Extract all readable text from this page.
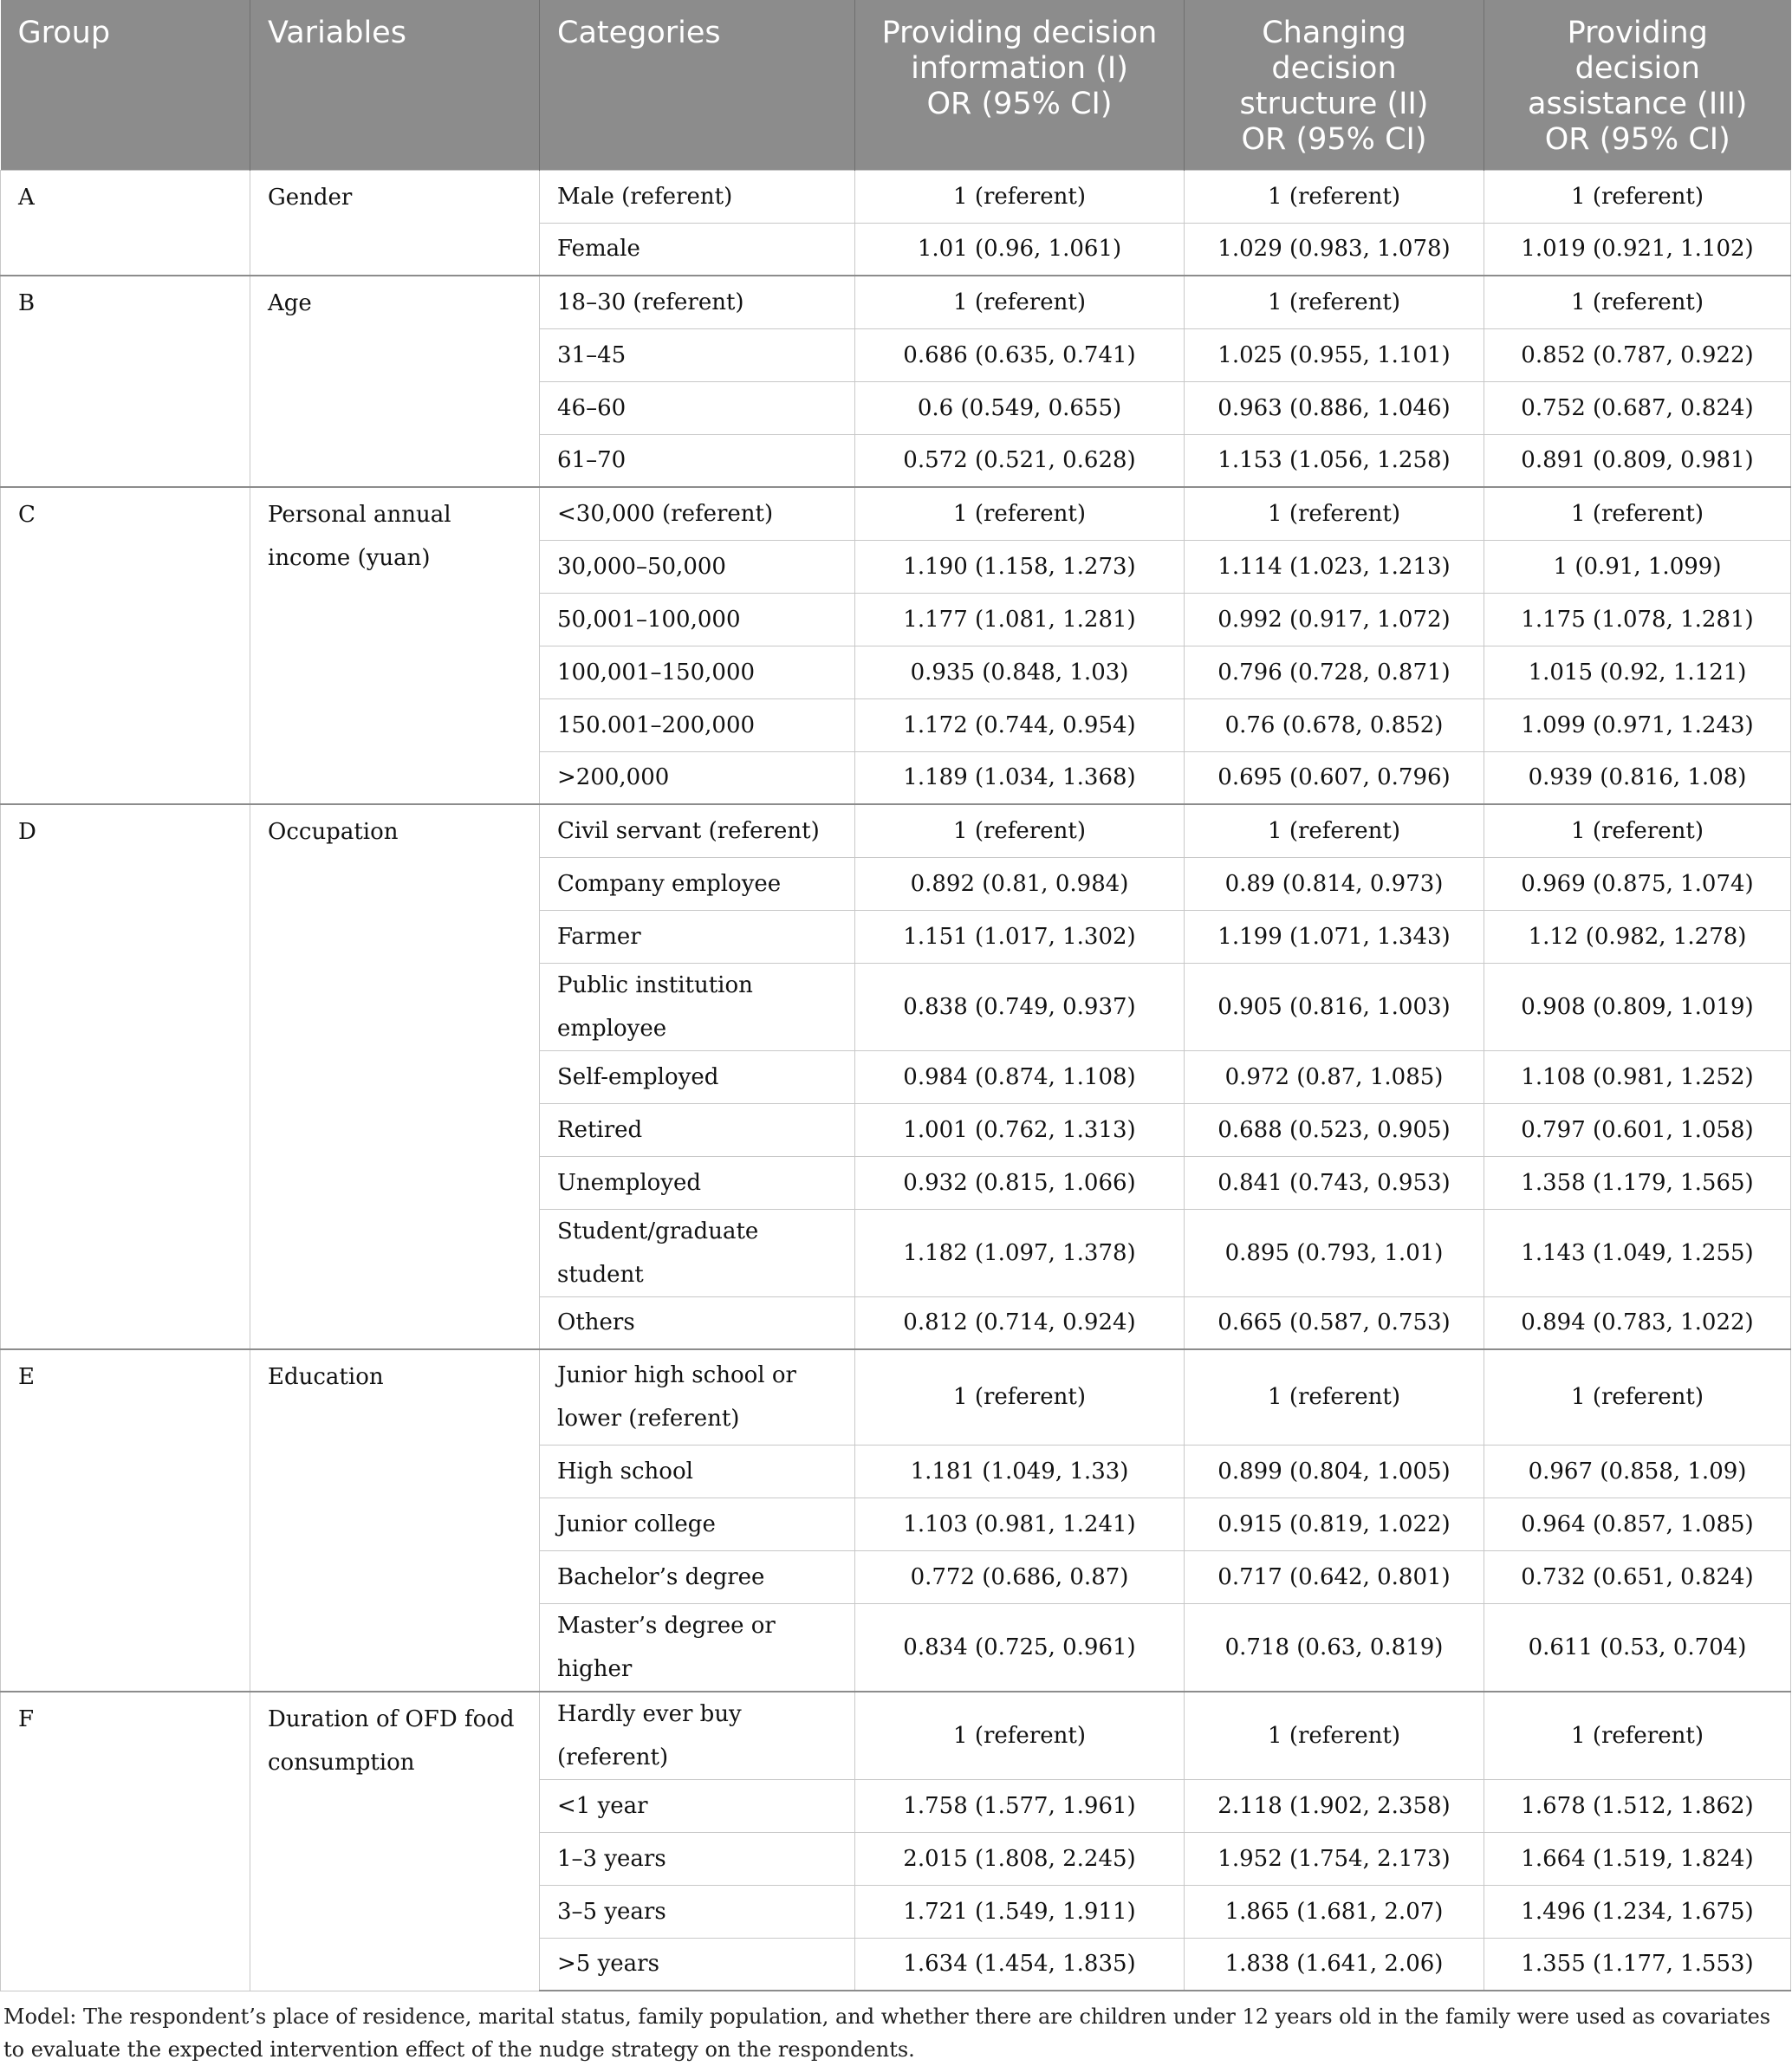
Group	Variables	Categories	Providing decision
information (I)
OR (95% CI)	Changing
decision
structure (II)
OR (95% CI)	Providing
decision
assistance (III)
OR (95% CI)
A	Gender	Male (referent)	1 (referent)	1 (referent)	1 (referent)
		Female	1.01 (0.96, 1.061)	1.029 (0.983, 1.078)	1.019 (0.921, 1.102)
B	Age	18–30 (referent)	1 (referent)	1 (referent)	1 (referent)
		31–45	0.686 (0.635, 0.741)	1.025 (0.955, 1.101)	0.852 (0.787, 0.922)
		46–60	0.6 (0.549, 0.655)	0.963 (0.886, 1.046)	0.752 (0.687, 0.824)
		61–70	0.572 (0.521, 0.628)	1.153 (1.056, 1.258)	0.891 (0.809, 0.981)
C	Personal annual income (yuan)	<30,000 (referent)	1 (referent)	1 (referent)	1 (referent)
		30,000–50,000	1.190 (1.158, 1.273)	1.114 (1.023, 1.213)	1 (0.91, 1.099)
		50,001–100,000	1.177 (1.081, 1.281)	0.992 (0.917, 1.072)	1.175 (1.078, 1.281)
		100,001–150,000	0.935 (0.848, 1.03)	0.796 (0.728, 0.871)	1.015 (0.92, 1.121)
		150.001–200,000	1.172 (0.744, 0.954)	0.76 (0.678, 0.852)	1.099 (0.971, 1.243)
		>200,000	1.189 (1.034, 1.368)	0.695 (0.607, 0.796)	0.939 (0.816, 1.08)
D	Occupation	Civil servant (referent)	1 (referent)	1 (referent)	1 (referent)
		Company employee	0.892 (0.81, 0.984)	0.89 (0.814, 0.973)	0.969 (0.875, 1.074)
		Farmer	1.151 (1.017, 1.302)	1.199 (1.071, 1.343)	1.12 (0.982, 1.278)
		Public institution employee	0.838 (0.749, 0.937)	0.905 (0.816, 1.003)	0.908 (0.809, 1.019)
		Self-employed	0.984 (0.874, 1.108)	0.972 (0.87, 1.085)	1.108 (0.981, 1.252)
		Retired	1.001 (0.762, 1.313)	0.688 (0.523, 0.905)	0.797 (0.601, 1.058)
		Unemployed	0.932 (0.815, 1.066)	0.841 (0.743, 0.953)	1.358 (1.179, 1.565)
		Student/graduate student	1.182 (1.097, 1.378)	0.895 (0.793, 1.01)	1.143 (1.049, 1.255)
		Others	0.812 (0.714, 0.924)	0.665 (0.587, 0.753)	0.894 (0.783, 1.022)
E	Education	Junior high school or lower (referent)	1 (referent)	1 (referent)	1 (referent)
		High school	1.181 (1.049, 1.33)	0.899 (0.804, 1.005)	0.967 (0.858, 1.09)
		Junior college	1.103 (0.981, 1.241)	0.915 (0.819, 1.022)	0.964 (0.857, 1.085)
		Bachelor’s degree	0.772 (0.686, 0.87)	0.717 (0.642, 0.801)	0.732 (0.651, 0.824)
		Master’s degree or higher	0.834 (0.725, 0.961)	0.718 (0.63, 0.819)	0.611 (0.53, 0.704)
F	Duration of OFD food consumption	Hardly ever buy (referent)	1 (referent)	1 (referent)	1 (referent)
		<1 year	1.758 (1.577, 1.961)	2.118 (1.902, 2.358)	1.678 (1.512, 1.862)
		1–3 years	2.015 (1.808, 2.245)	1.952 (1.754, 2.173)	1.664 (1.519, 1.824)
		3–5 years	1.721 (1.549, 1.911)	1.865 (1.681, 2.07)	1.496 (1.234, 1.675)
		>5 years	1.634 (1.454, 1.835)	1.838 (1.641, 2.06)	1.355 (1.177, 1.553)
Model: The respondent’s place of residence, marital status, family population, and whether there are children under 12 years old in the family were used as covariates to evaluate the expected intervention effect of the nudge strategy on the respondents.
